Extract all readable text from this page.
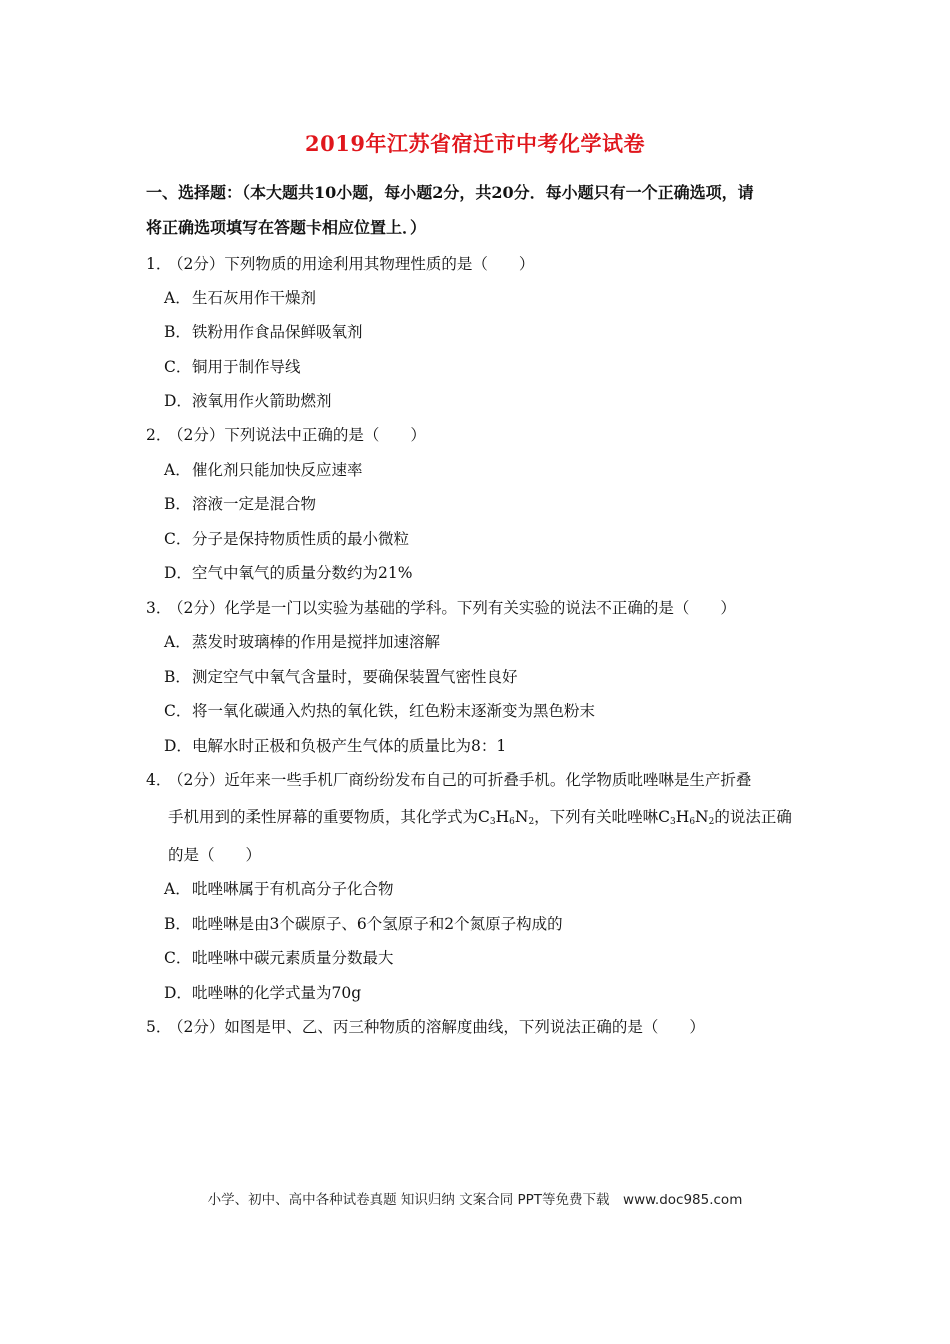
2019年江苏省宿迁市中考化学试卷
一、选择题：（本大题共10小题，每小题2分，共20分．每小题只有一个正确选项，请
将正确选项填写在答题卡相应位置上．）
1．（2分）下列物质的用途利用其物理性质的是（　　）
A．生石灰用作干燥剂
B．铁粉用作食品保鲜吸氧剂
C．铜用于制作导线
D．液氧用作火箭助燃剂
2．（2分）下列说法中正确的是（　　）
A．催化剂只能加快反应速率
B．溶液一定是混合物
C．分子是保持物质性质的最小微粒
D．空气中氧气的质量分数约为21%
3．（2分）化学是一门以实验为基础的学科。下列有关实验的说法不正确的是（　　）
A．蒸发时玻璃棒的作用是搅拌加速溶解
B．测定空气中氧气含量时，要确保装置气密性良好
C．将一氧化碳通入灼热的氧化铁，红色粉末逐渐变为黑色粉末
D．电解水时正极和负极产生气体的质量比为8：1
4．（2分）近年来一些手机厂商纷纷发布自己的可折叠手机。化学物质吡唑啉是生产折叠
手机用到的柔性屏幕的重要物质，其化学式为$C_3H_6N_2$，下列有关吡唑啉$C_3H_6N_2$的说法正确
的是（　　）
A．吡唑啉属于有机高分子化合物
B．吡唑啉是由3个碳原子、6个氢原子和2个氮原子构成的
C．吡唑啉中碳元素质量分数最大
D．吡唑啉的化学式量为70g
5．（2分）如图是甲、乙、丙三种物质的溶解度曲线，下列说法正确的是（　　）
小学、初中、高中各种试卷真题 知识归纳 文案合同 PPT等免费下载　www.doc985.com
